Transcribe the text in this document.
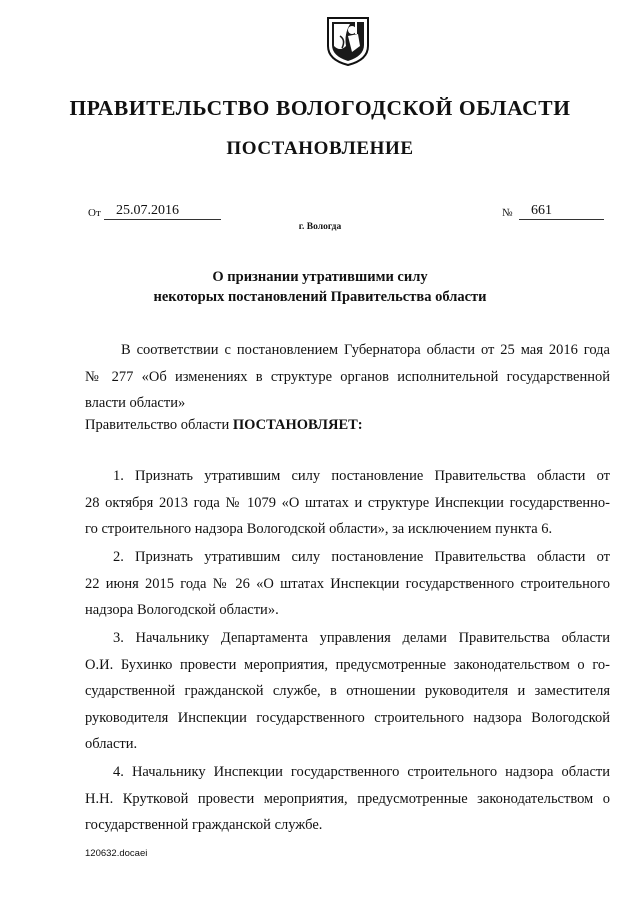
ПРАВИТЕЛЬСТВО ВОЛОГОДСКОЙ ОБЛАСТИ
ПОСТАНОВЛЕНИЕ
От	25.07.2016	№	661
г. Вологда
О признании утратившими силу
некоторых постановлений Правительства области
В соответствии с постановлением Губернатора области от 25 мая 2016 года
№ 277 «Об изменениях в структуре органов исполнительной государственной
власти области»
Правительство области ПОСТАНОВЛЯЕТ:
1. Признать утратившим силу постановление Правительства области от
28 октября 2013 года № 1079 «О штатах и структуре Инспекции государственно-
го строительного надзора Вологодской области», за исключением пункта 6.
2. Признать утратившим силу постановление Правительства области от
22 июня 2015 года № 26 «О штатах Инспекции государственного строительного
надзора Вологодской области».
3. Начальнику Департамента управления делами Правительства области
О.И. Бухинко провести мероприятия, предусмотренные законодательством о го-
сударственной гражданской службе, в отношении руководителя и заместителя
руководителя Инспекции государственного строительного надзора Вологодской
области.
4. Начальнику Инспекции государственного строительного надзора области
Н.Н. Крутковой провести мероприятия, предусмотренные законодательством о
государственной гражданской службе.
120632.docaei
